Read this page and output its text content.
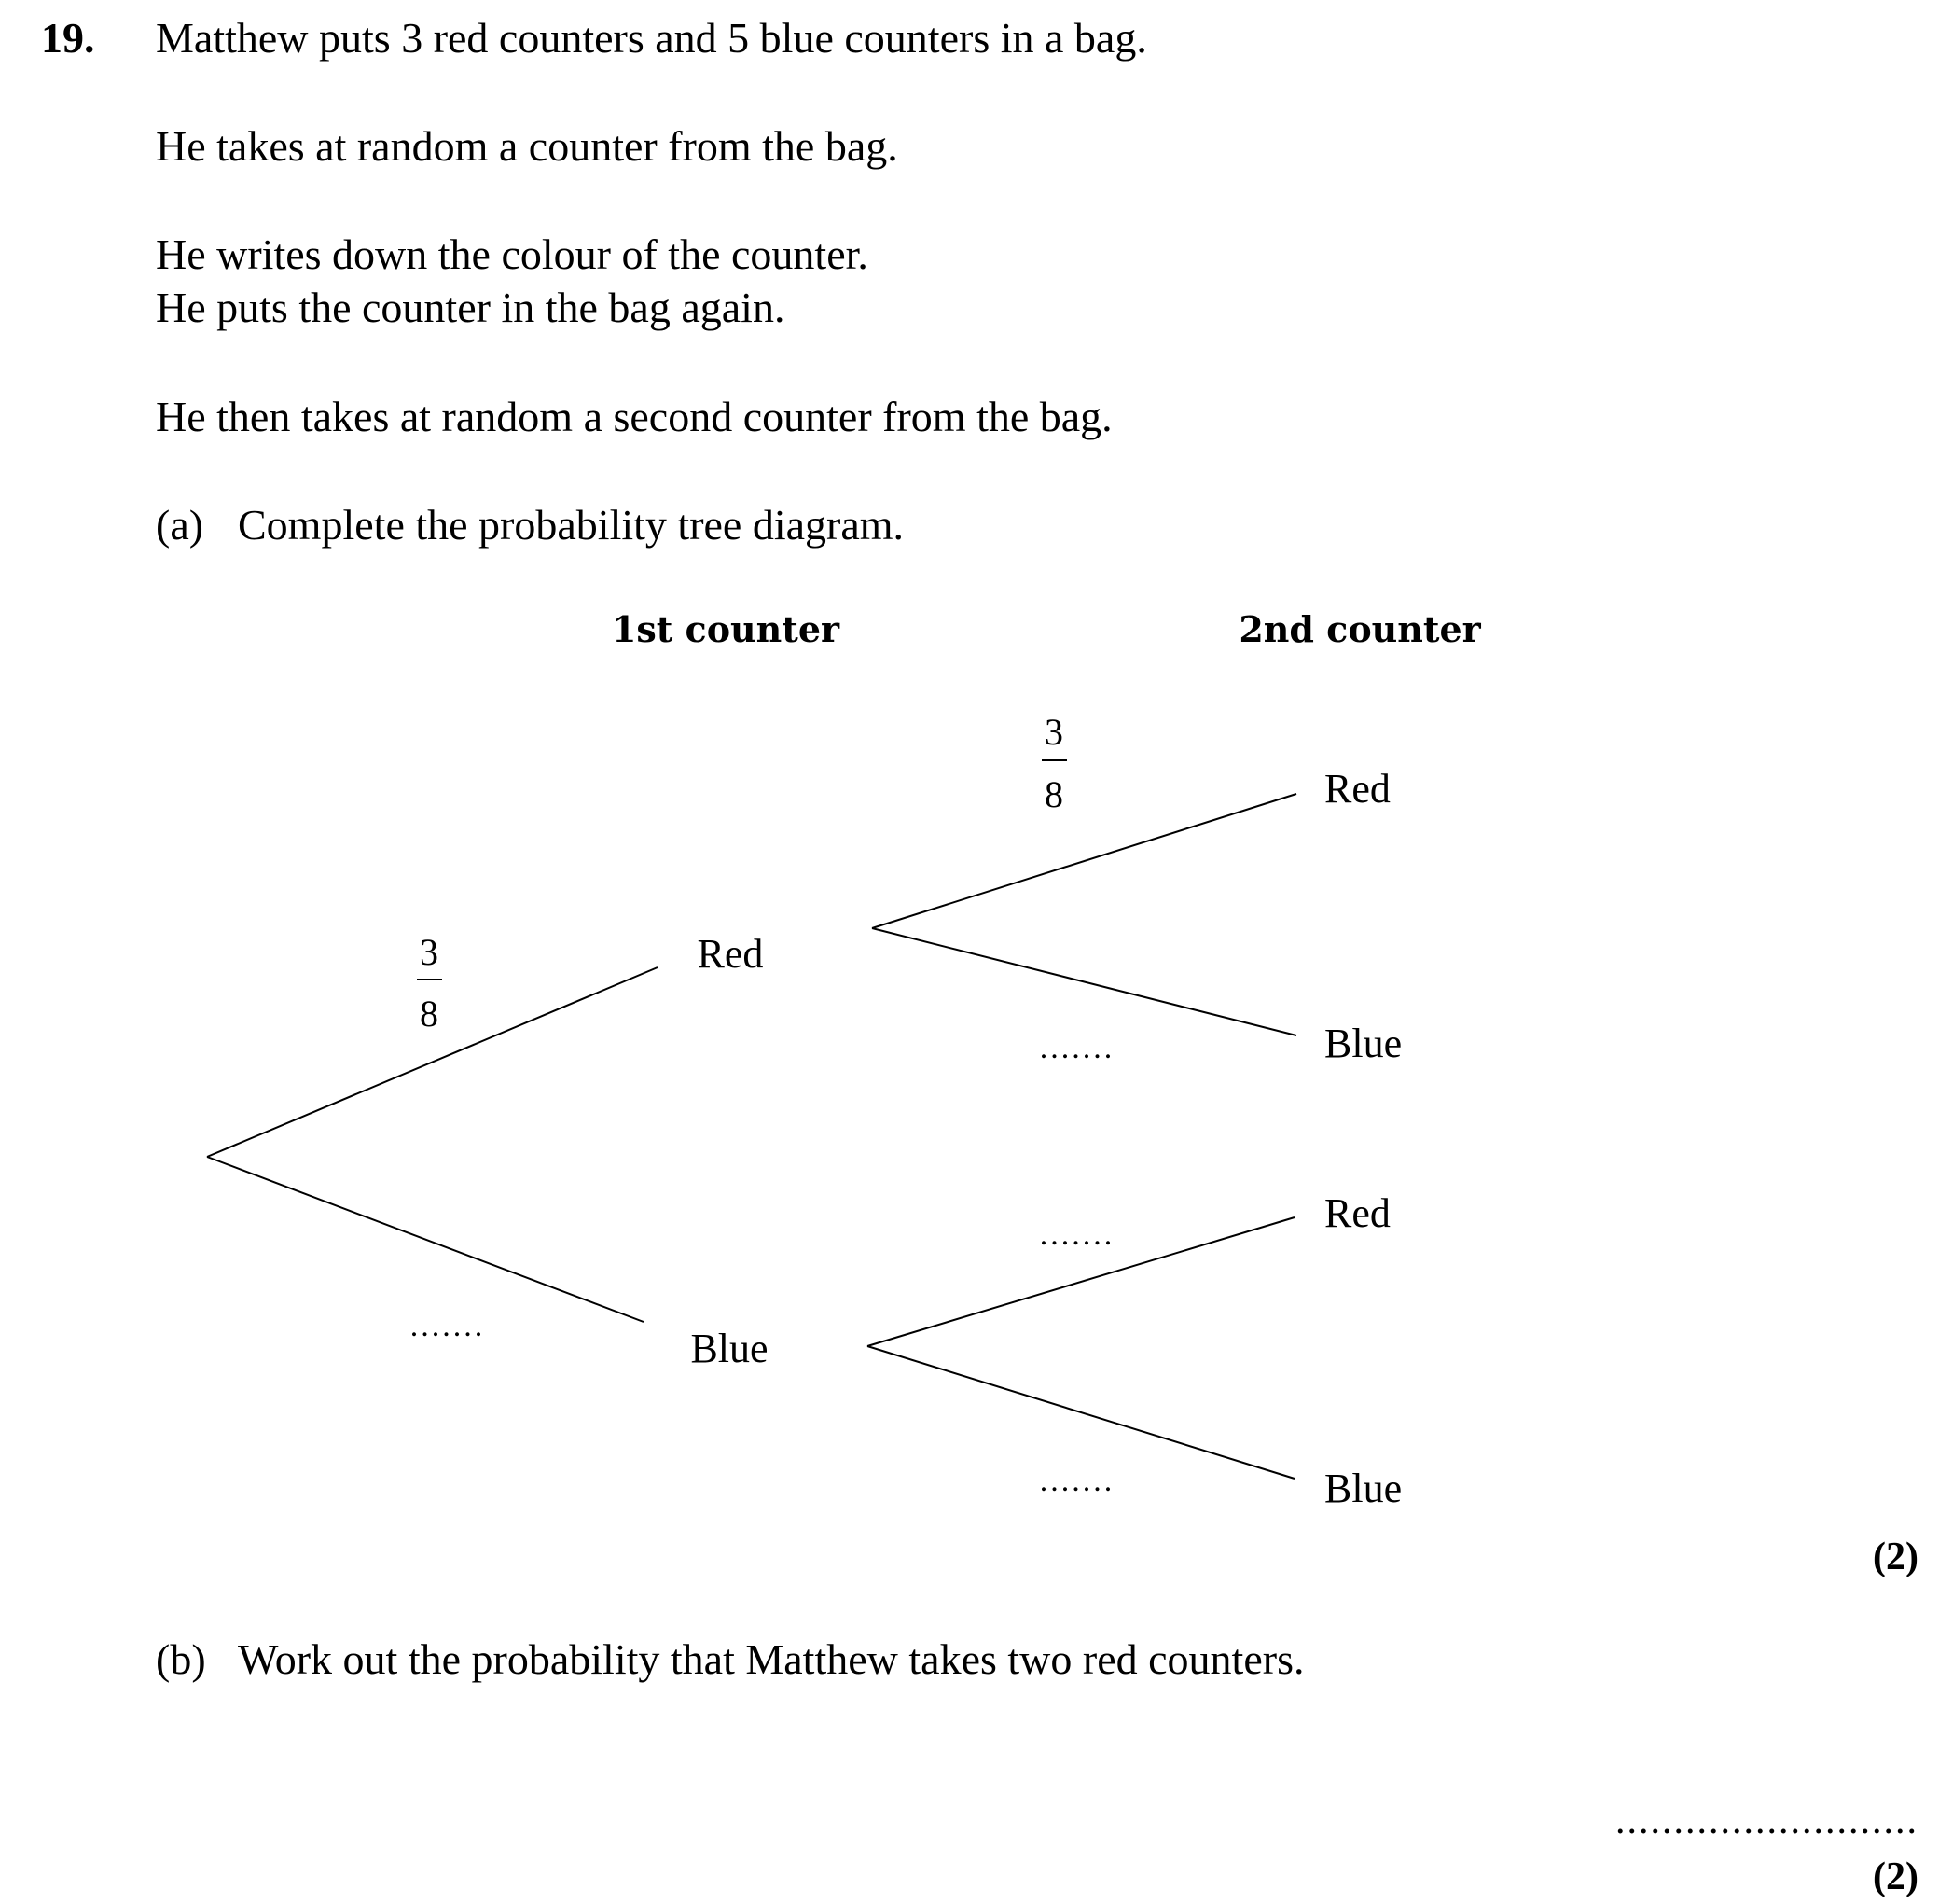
19. Matthew puts 3 red counters and 5 blue counters in a bag.
He takes at random a counter from the bag.
He writes down the colour of the counter.
He puts the counter in the bag again.
He then takes at random a second counter from the bag.
(a) Complete the probability tree diagram.
1st counter	2nd counter
Red
Blue
Red
Blue
Red
Blue
3
8
.......
3
8
.......
.......
.......
(2)
(b) Work out the probability that Matthew takes two red counters.
..........................
(2)
